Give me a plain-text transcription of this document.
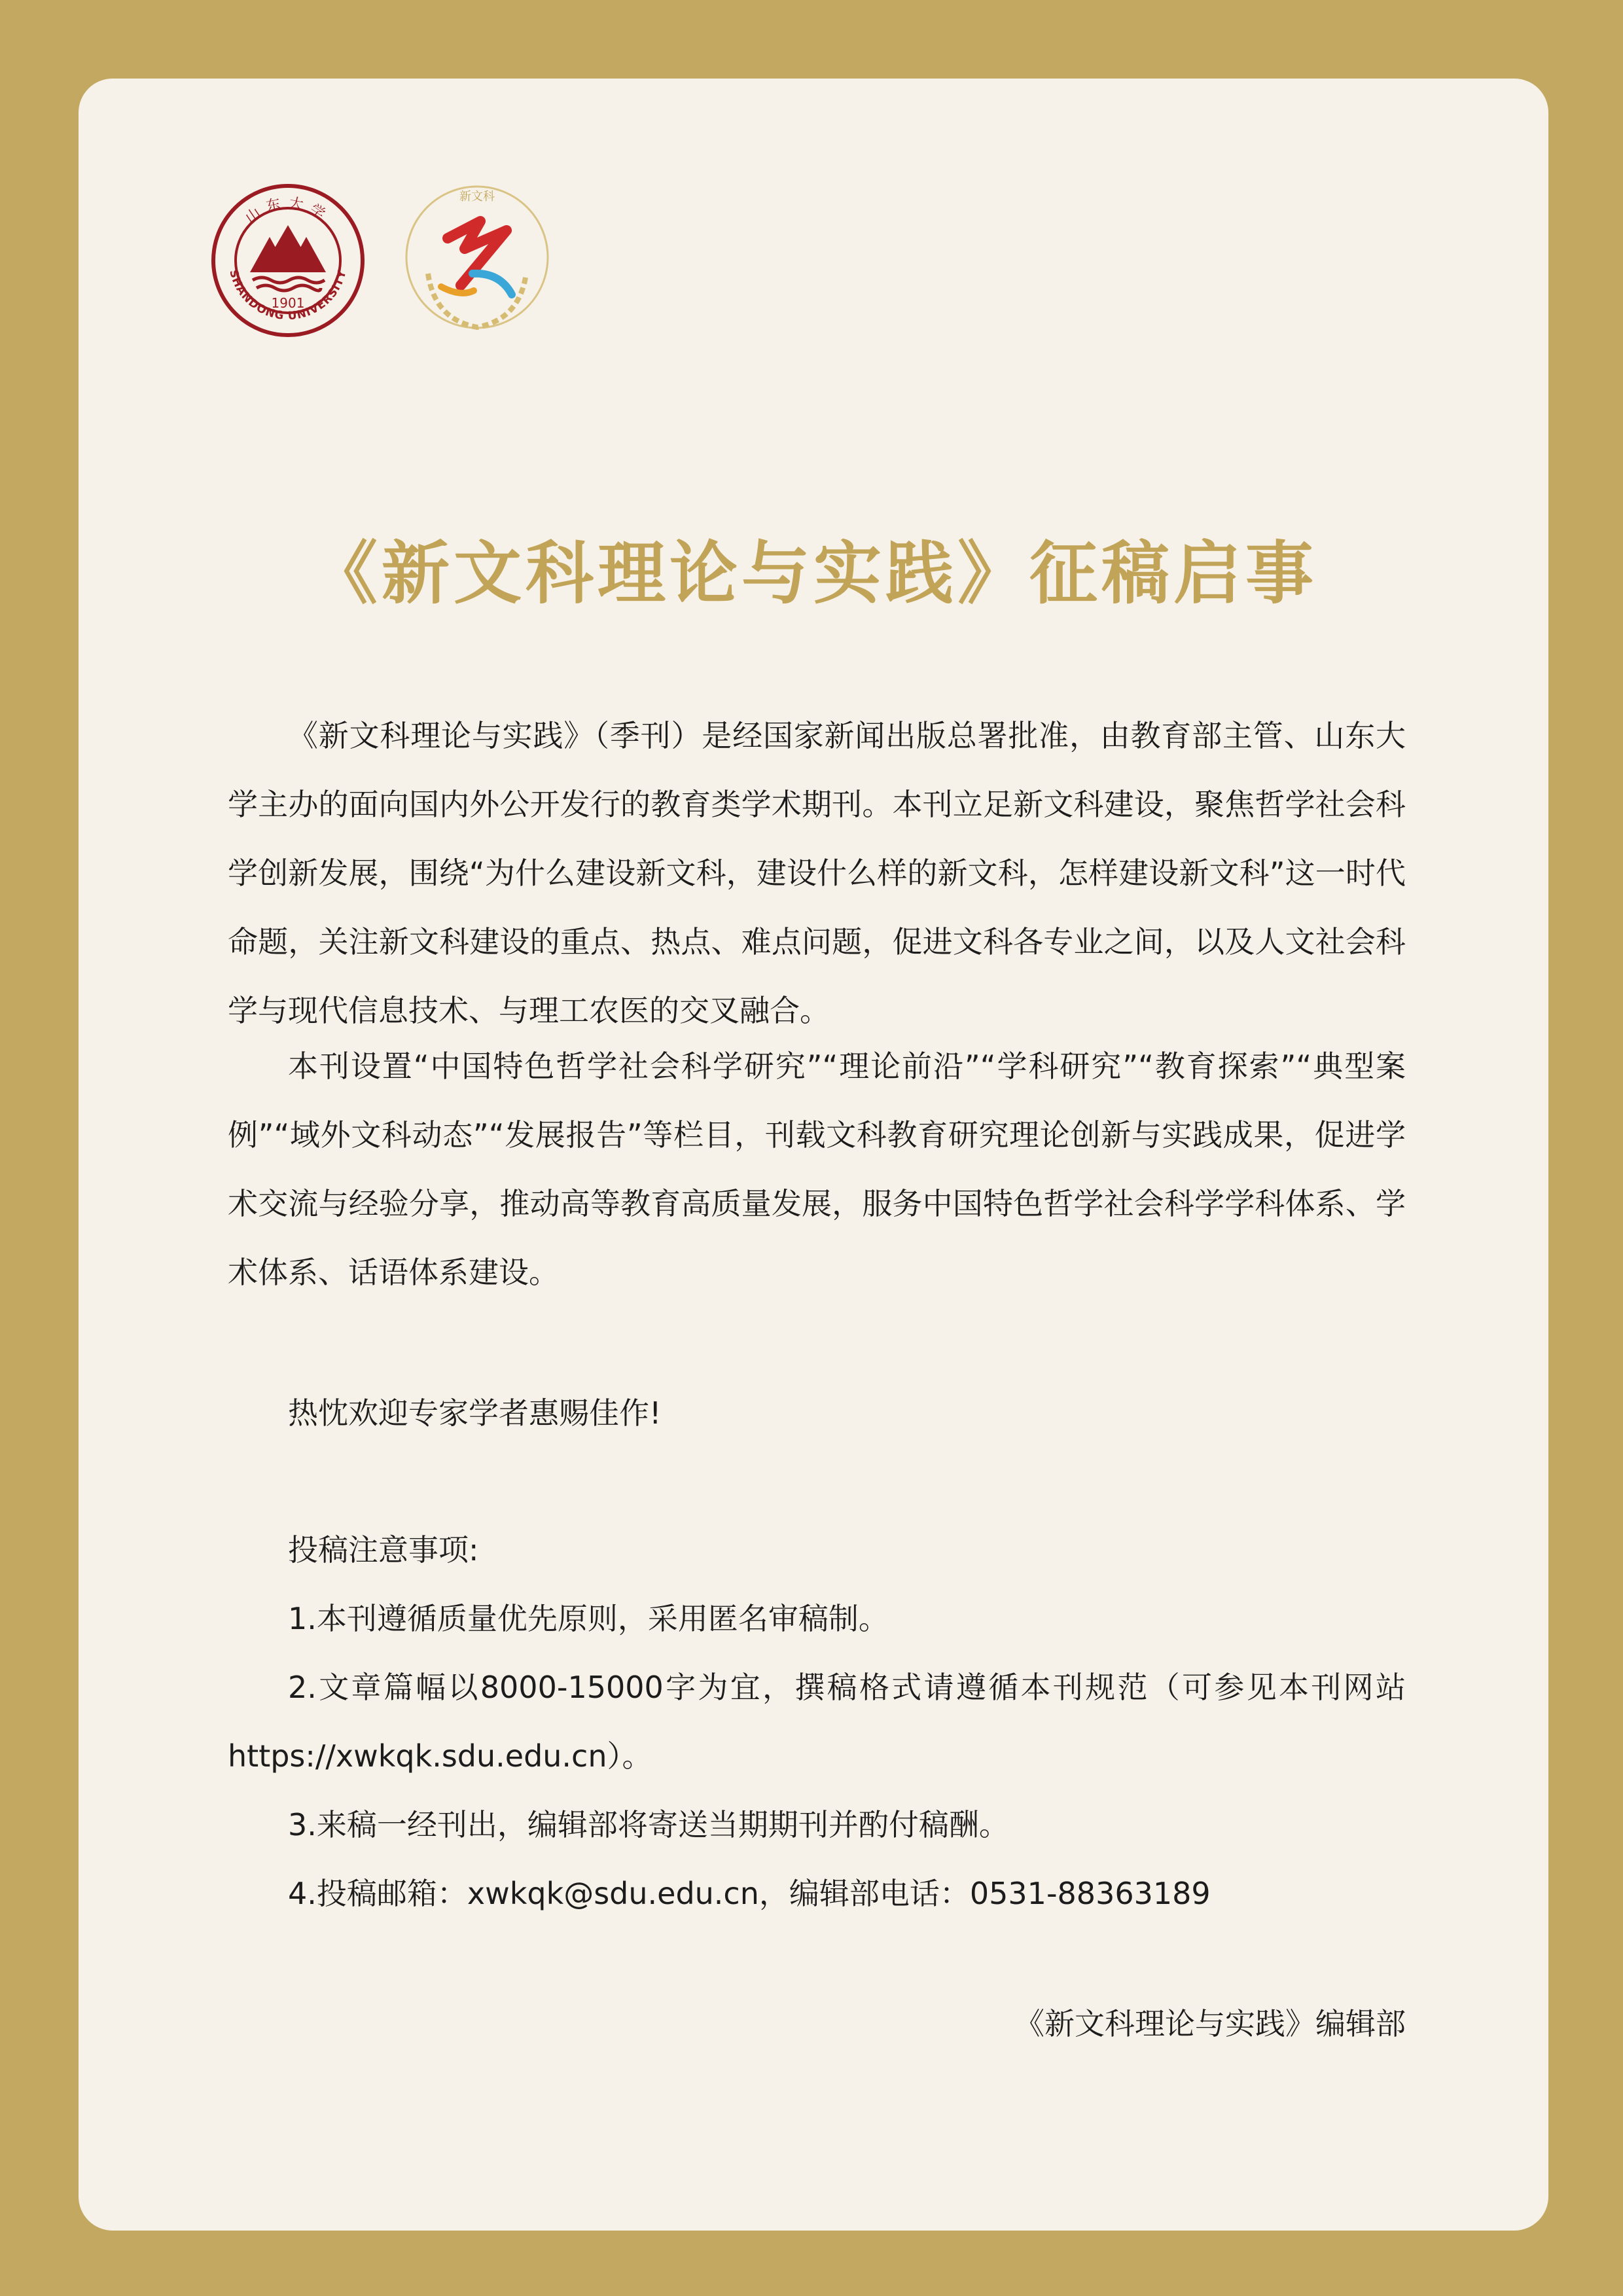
山东大学
SHANDONG UNIVERSITY
1901
新文科
《新文科理论与实践》征稿启事

《新文科理论与实践》（季刊）是经国家新闻出版总署批准，由教育部主管、山东大学主办的面向国内外公开发行的教育类学术期刊。本刊立足新文科建设，聚焦哲学社会科学创新发展，围绕“为什么建设新文科，建设什么样的新文科，怎样建设新文科”这一时代命题，关注新文科建设的重点、热点、难点问题，促进文科各专业之间，以及人文社会科学与现代信息技术、与理工农医的交叉融合。

本刊设置“中国特色哲学社会科学研究”“理论前沿”“学科研究”“教育探索”“典型案例”“域外文科动态”“发展报告”等栏目，刊载文科教育研究理论创新与实践成果，促进学术交流与经验分享，推动高等教育高质量发展，服务中国特色哲学社会科学学科体系、学术体系、话语体系建设。

热忱欢迎专家学者惠赐佳作!

投稿注意事项:

1.本刊遵循质量优先原则，采用匿名审稿制。

2.文章篇幅以8000-15000字为宜，撰稿格式请遵循本刊规范（可参见本刊网站https://xwkqk.sdu.edu.cn）。

3.来稿一经刊出，编辑部将寄送当期期刊并酌付稿酬。

4.投稿邮箱：xwkqk@sdu.edu.cn，编辑部电话：0531-88363189

《新文科理论与实践》编辑部
